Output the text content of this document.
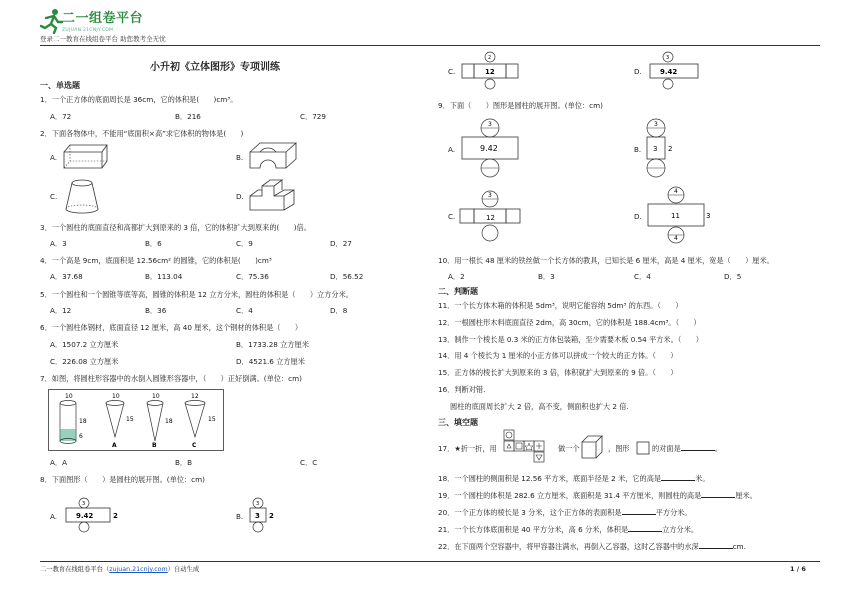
二一组卷平台
ZUJUAN.21CNJY.COM
登录二一教育在线组卷平台 助您教考全无忧
小升初《立体图形》专项训练
一、单选题
1．一个正方体的底面周长是 36cm，它的体积是(　　)cm³。
A．72	B．216	C．729
2．下面各物体中，不能用“底面积×高”求它体积的物体是(　　)
A.	B.
C.	D.
3．一个圆柱的底面直径和高都扩大到原来的 3 倍，它的体积扩大到原来的(　　)倍。
A．3	B．6	C．9	D．27
4．一个高是 9cm，底面积是 12.56cm² 的圆锥，它的体积是(　　)cm³
A．37.68	B．113.04	C．75.36	D．56.52
5．一个圆柱和一个圆锥等底等高，圆锥的体积是 12 立方分米，圆柱的体积是（　　）立方分米。
A．12	B．36	C．4	D．8
6．一个圆柱体钢材，底面直径 12 厘米，高 40 厘米，这个钢材的体积是（　　）
A．1507.2 立方厘米	B．1733.28 立方厘米
C．226.08 立方厘米	D．4521.6 立方厘米
7．如图，将圆柱形容器中的水倒入圆锥形容器中，（　　）正好倒满。(单位：cm)
10
18
6
10
15
A
10
18
B
12
15
C
A．A	B．B	C．C
8．下面图形（　　）是圆柱的展开图。(单位：cm)
A.
3
9.42	2	B.
3
3 2
C.
2
12	D.
3
9.42
9．下面（　　）图形是圆柱的展开图。(单位：cm)
A.
3
9.42	B.
3
3 2
C.
3
12	D.
4
11	3
4
10．用一根长 48 厘米的铁丝做一个长方体的教具，已知长是 6 厘米，高是 4 厘米，宽是（　　）厘米。
A．2	B．3	C．4	D．5
二、判断题
11．一个长方体木箱的体积是 5dm³，说明它能容纳 5dm³ 的东西。（　　）
12．一根圆柱形木料底面直径 2dm，高 30cm，它的体积是 188.4cm³。（　　）
13．制作一个棱长是 0.3 米的正方体包装箱，至少需要木板 0.54 平方米。（　　）
14．用 4 个棱长为 1 厘米的小正方体可以拼成一个较大的正方体。（　　）
15．正方体的棱长扩大到原来的 3 倍，体积就扩大到原来的 9 倍。（　　）
16．判断对错.
圆柱的底面周长扩大 2 倍，高不变，侧面积也扩大 2 倍.
三、填空题
17．★折一折，用	做一个	，图形	的对面是	。
18．一个圆柱的侧面积是 12.56 平方米，底面半径是 2 米，它的高是	米。
19．一个圆柱的体积是 282.6 立方厘米，底面积是 31.4 平方厘米，则圆柱的高是	厘米。
20．一个正方体的棱长是 3 分米，这个正方体的表面积是	平方分米。
21．一个长方体底面积是 40 平方分米，高 6 分米，体积是	立方分米。
22．在下面两个空容器中，将甲容器注满水，再倒入乙容器，这时乙容器中的水深	cm.
二一教育在线组卷平台（zujuan.21cnjy.com）自动生成	1 / 6
